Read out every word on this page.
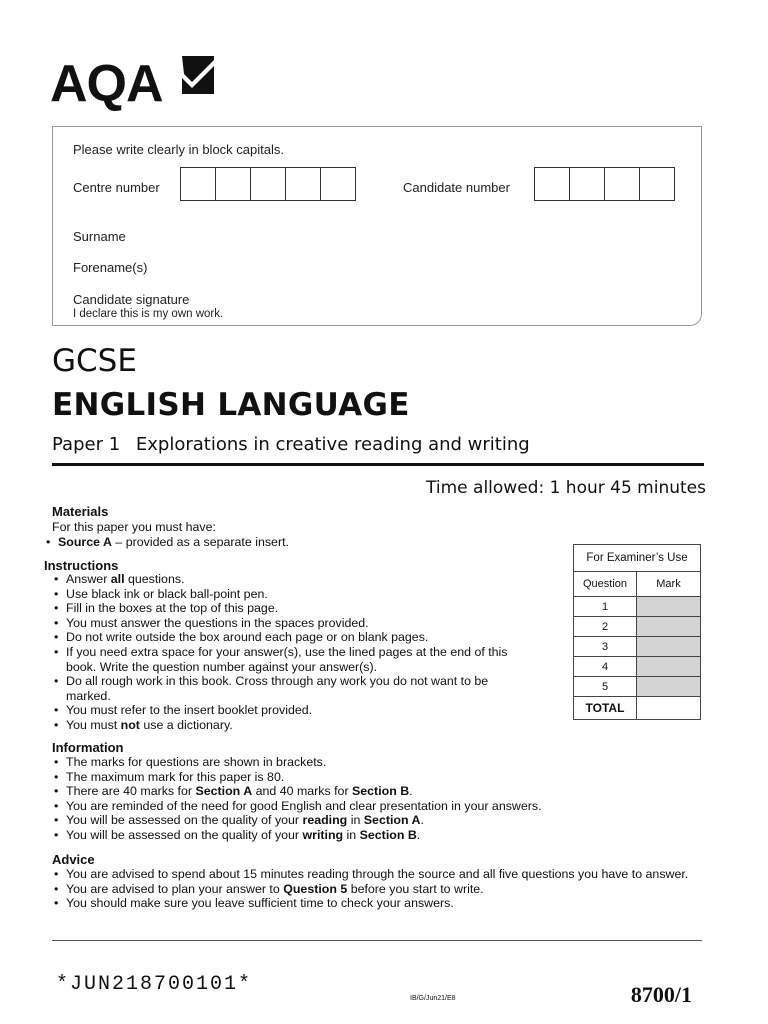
AQA
Please write clearly in block capitals.
Centre number	Candidate number
Surname
Forename(s)
Candidate signature
I declare this is my own work.
GCSE
ENGLISH LANGUAGE
Paper 1 Explorations in creative reading and writing
Time allowed: 1 hour 45 minutes
Materials
For this paper you must have:
• Source A – provided as a separate insert.
Instructions
• Answer all questions.
• Use black ink or black ball-point pen.
• Fill in the boxes at the top of this page.
• You must answer the questions in the spaces provided.
• Do not write outside the box around each page or on blank pages.
• If you need extra space for your answer(s), use the lined pages at the end of this book. Write the question number against your answer(s).
• Do all rough work in this book. Cross through any work you do not want to be marked.
• You must refer to the insert booklet provided.
• You must not use a dictionary.
Information
• The marks for questions are shown in brackets.
• The maximum mark for this paper is 80.
• There are 40 marks for Section A and 40 marks for Section B.
• You are reminded of the need for good English and clear presentation in your answers.
• You will be assessed on the quality of your reading in Section A.
• You will be assessed on the quality of your writing in Section B.
Advice
• You are advised to spend about 15 minutes reading through the source and all five questions you have to answer.
• You are advised to plan your answer to Question 5 before you start to write.
• You should make sure you leave sufficient time to check your answers.
For Examiner’s Use	
Question	Mark
1	
2	
3	
4	
5	
TOTAL	
*JUN218700101*
IB/G/Jun21/E8	8700/1
